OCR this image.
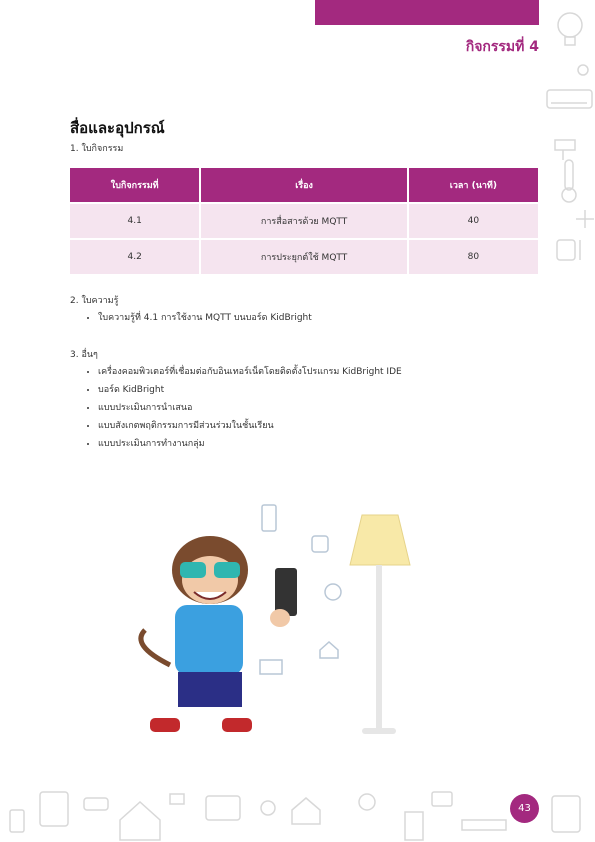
กิจกรรมที่ 4
สื่อและอุปกรณ์
1. ใบกิจกรรม
ใบกิจกรรมที่	เรื่อง	เวลา (นาที)
4.1	การสื่อสารด้วย MQTT	40
4.2	การประยุกต์ใช้ MQTT	80
2. ใบความรู้
• ใบความรู้ที่ 4.1 การใช้งาน MQTT บนบอร์ด KidBright
3. อื่นๆ
• เครื่องคอมพิวเตอร์ที่เชื่อมต่อกับอินเทอร์เน็ตโดยติดตั้งโปรแกรม KidBright IDE
• บอร์ด KidBright
• แบบประเมินการนำเสนอ
• แบบสังเกตพฤติกรรมการมีส่วนร่วมในชั้นเรียน
• แบบประเมินการทำงานกลุ่ม
43
